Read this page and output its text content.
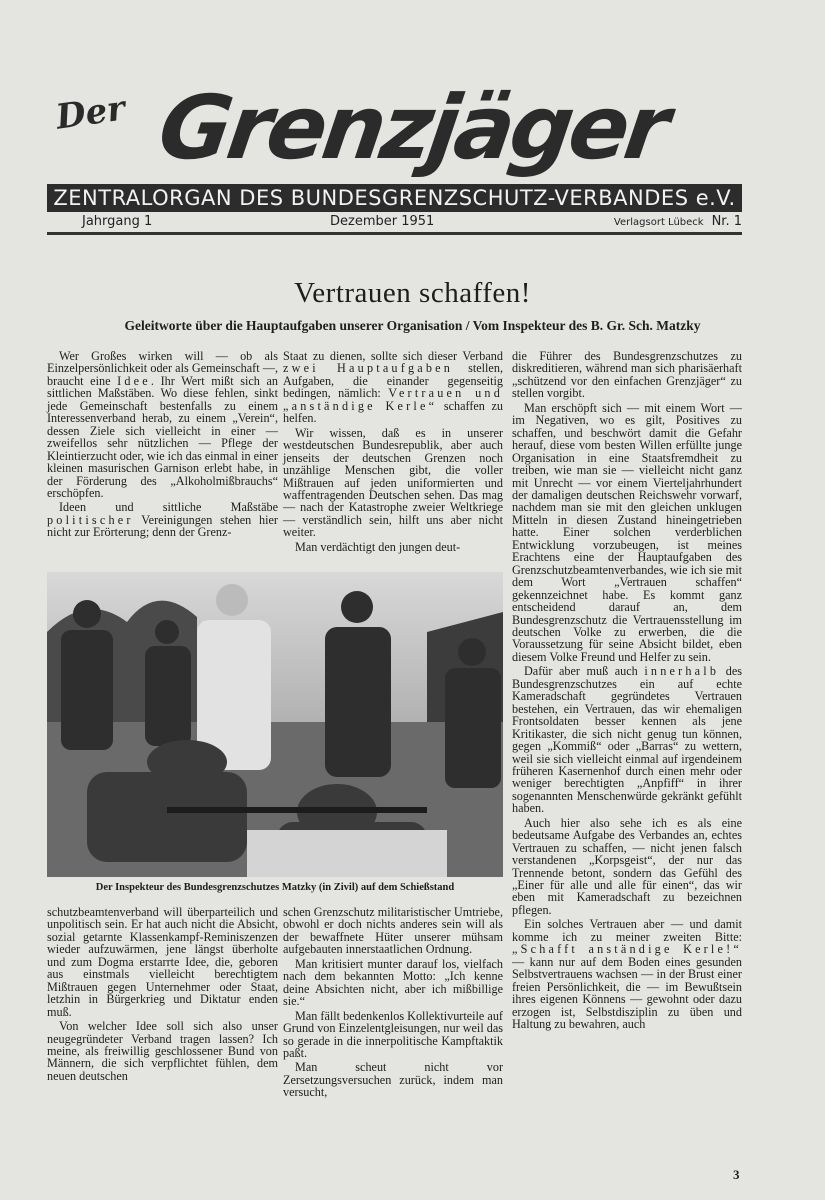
Der Grenzjäger
ZENTRALORGAN DES BUNDESGRENZSCHUTZ-VERBANDES e.V.
Jahrgang 1	Dezember 1951	Verlagsort Lübeck Nr. 1
Vertrauen schaffen!
Geleitworte über die Hauptaufgaben unserer Organisation / Vom Inspekteur des B. Gr. Sch. Matzky

Wer Großes wirken will — ob als Einzelpersönlichkeit oder als Gemeinschaft —, braucht eine Idee. Ihr Wert mißt sich an sittlichen Maßstäben. Wo diese fehlen, sinkt jede Gemeinschaft bestenfalls zu einem Interessenverband herab, zu einem „Verein“, dessen Ziele sich vielleicht in einer — zweifellos sehr nützlichen — Pflege der Kleintierzucht oder, wie ich das einmal in einer kleinen masurischen Garnison erlebt habe, in der Förderung des „Alkoholmißbrauchs“ erschöpfen.

Ideen und sittliche Maßstäbe politischer Vereinigungen stehen hier nicht zur Erörterung; denn der Grenz-

Staat zu dienen, sollte sich dieser Verband zwei Hauptaufgaben stellen, Aufgaben, die einander gegenseitig bedingen, nämlich: Vertrauen und „anständige Kerle“ schaffen zu helfen.

Wir wissen, daß es in unserer westdeutschen Bundesrepublik, aber auch jenseits der deutschen Grenzen noch unzählige Menschen gibt, die voller Mißtrauen auf jeden uniformierten und waffentragenden Deutschen sehen. Das mag — nach der Katastrophe zweier Weltkriege — verständlich sein, hilft uns aber nicht weiter.

Man verdächtigt den jungen deut-

die Führer des Bundesgrenzschutzes zu diskreditieren, während man sich pharisäerhaft „schützend vor den einfachen Grenzjäger“ zu stellen vorgibt.

Man erschöpft sich — mit einem Wort — im Negativen, wo es gilt, Positives zu schaffen, und beschwört damit die Gefahr herauf, diese vom besten Willen erfüllte junge Organisation in eine Staatsfremdheit zu treiben, wie man sie — vielleicht nicht ganz mit Unrecht — vor einem Vierteljahrhundert der damaligen deutschen Reichswehr vorwarf, nachdem man sie mit den gleichen unklugen Mitteln in diesen Zustand hineingetrieben hatte. Einer solchen verderblichen Entwicklung vorzubeugen, ist meines Erachtens eine der Hauptaufgaben des Grenzschutzbeamtenverbandes, wie ich sie mit dem Wort „Vertrauen schaffen“ gekennzeichnet habe. Es kommt ganz entscheidend darauf an, dem Bundesgrenzschutz die Vertrauensstellung im deutschen Volke zu erwerben, die die Voraussetzung für seine Absicht bildet, eben diesem Volke Freund und Helfer zu sein.

Dafür aber muß auch innerhalb des Bundesgrenzschutzes ein auf echte Kameradschaft gegründetes Vertrauen bestehen, ein Vertrauen, das wir ehemaligen Frontsoldaten besser kennen als jene Kritikaster, die sich nicht genug tun können, gegen „Kommiß“ oder „Barras“ zu wettern, weil sie sich vielleicht einmal auf irgendeinem früheren Kasernenhof durch einen mehr oder weniger berechtigten „Anpfiff“ in ihrer sogenannten Menschenwürde gekränkt gefühlt haben.

Auch hier also sehe ich es als eine bedeutsame Aufgabe des Verbandes an, echtes Vertrauen zu schaffen, — nicht jenen falsch verstandenen „Korpsgeist“, der nur das Trennende betont, sondern das Gefühl des „Einer für alle und alle für einen“, das wir eben mit Kameradschaft zu bezeichnen pflegen.

Ein solches Vertrauen aber — und damit komme ich zu meiner zweiten Bitte: „Schafft anständige Kerle!“ — kann nur auf dem Boden eines gesunden Selbstvertrauens wachsen — in der Brust einer freien Persönlichkeit, die — im Bewußtsein ihres eigenen Könnens — gewohnt oder dazu erzogen ist, Selbstdisziplin zu üben und Haltung zu bewahren, auch

Der Inspekteur des Bundesgrenzschutzes Matzky (in Zivil) auf dem Schießstand

schutzbeamtenverband will überparteilich und unpolitisch sein. Er hat auch nicht die Absicht, sozial getarnte Klassenkampf-Reminiszenzen wieder aufzuwärmen, jene längst überholte und zum Dogma erstarrte Idee, die, geboren aus einstmals vielleicht berechtigtem Mißtrauen gegen Unternehmer oder Staat, letzhin in Bürgerkrieg und Diktatur enden muß.

Von welcher Idee soll sich also unser neugegründeter Verband tragen lassen? Ich meine, als freiwillig geschlossener Bund von Männern, die sich verpflichtet fühlen, dem neuen deutschen

schen Grenzschutz militaristischer Umtriebe, obwohl er doch nichts anderes sein will als der bewaffnete Hüter unserer mühsam aufgebauten innerstaatlichen Ordnung.

Man kritisiert munter darauf los, vielfach nach dem bekannten Motto: „Ich kenne deine Absichten nicht, aber ich mißbillige sie.“

Man fällt bedenkenlos Kollektivurteile auf Grund von Einzelentgleisungen, nur weil das so gerade in die innerpolitische Kampftaktik paßt.

Man scheut nicht vor Zersetzungsversuchen zurück, indem man versucht,

3
